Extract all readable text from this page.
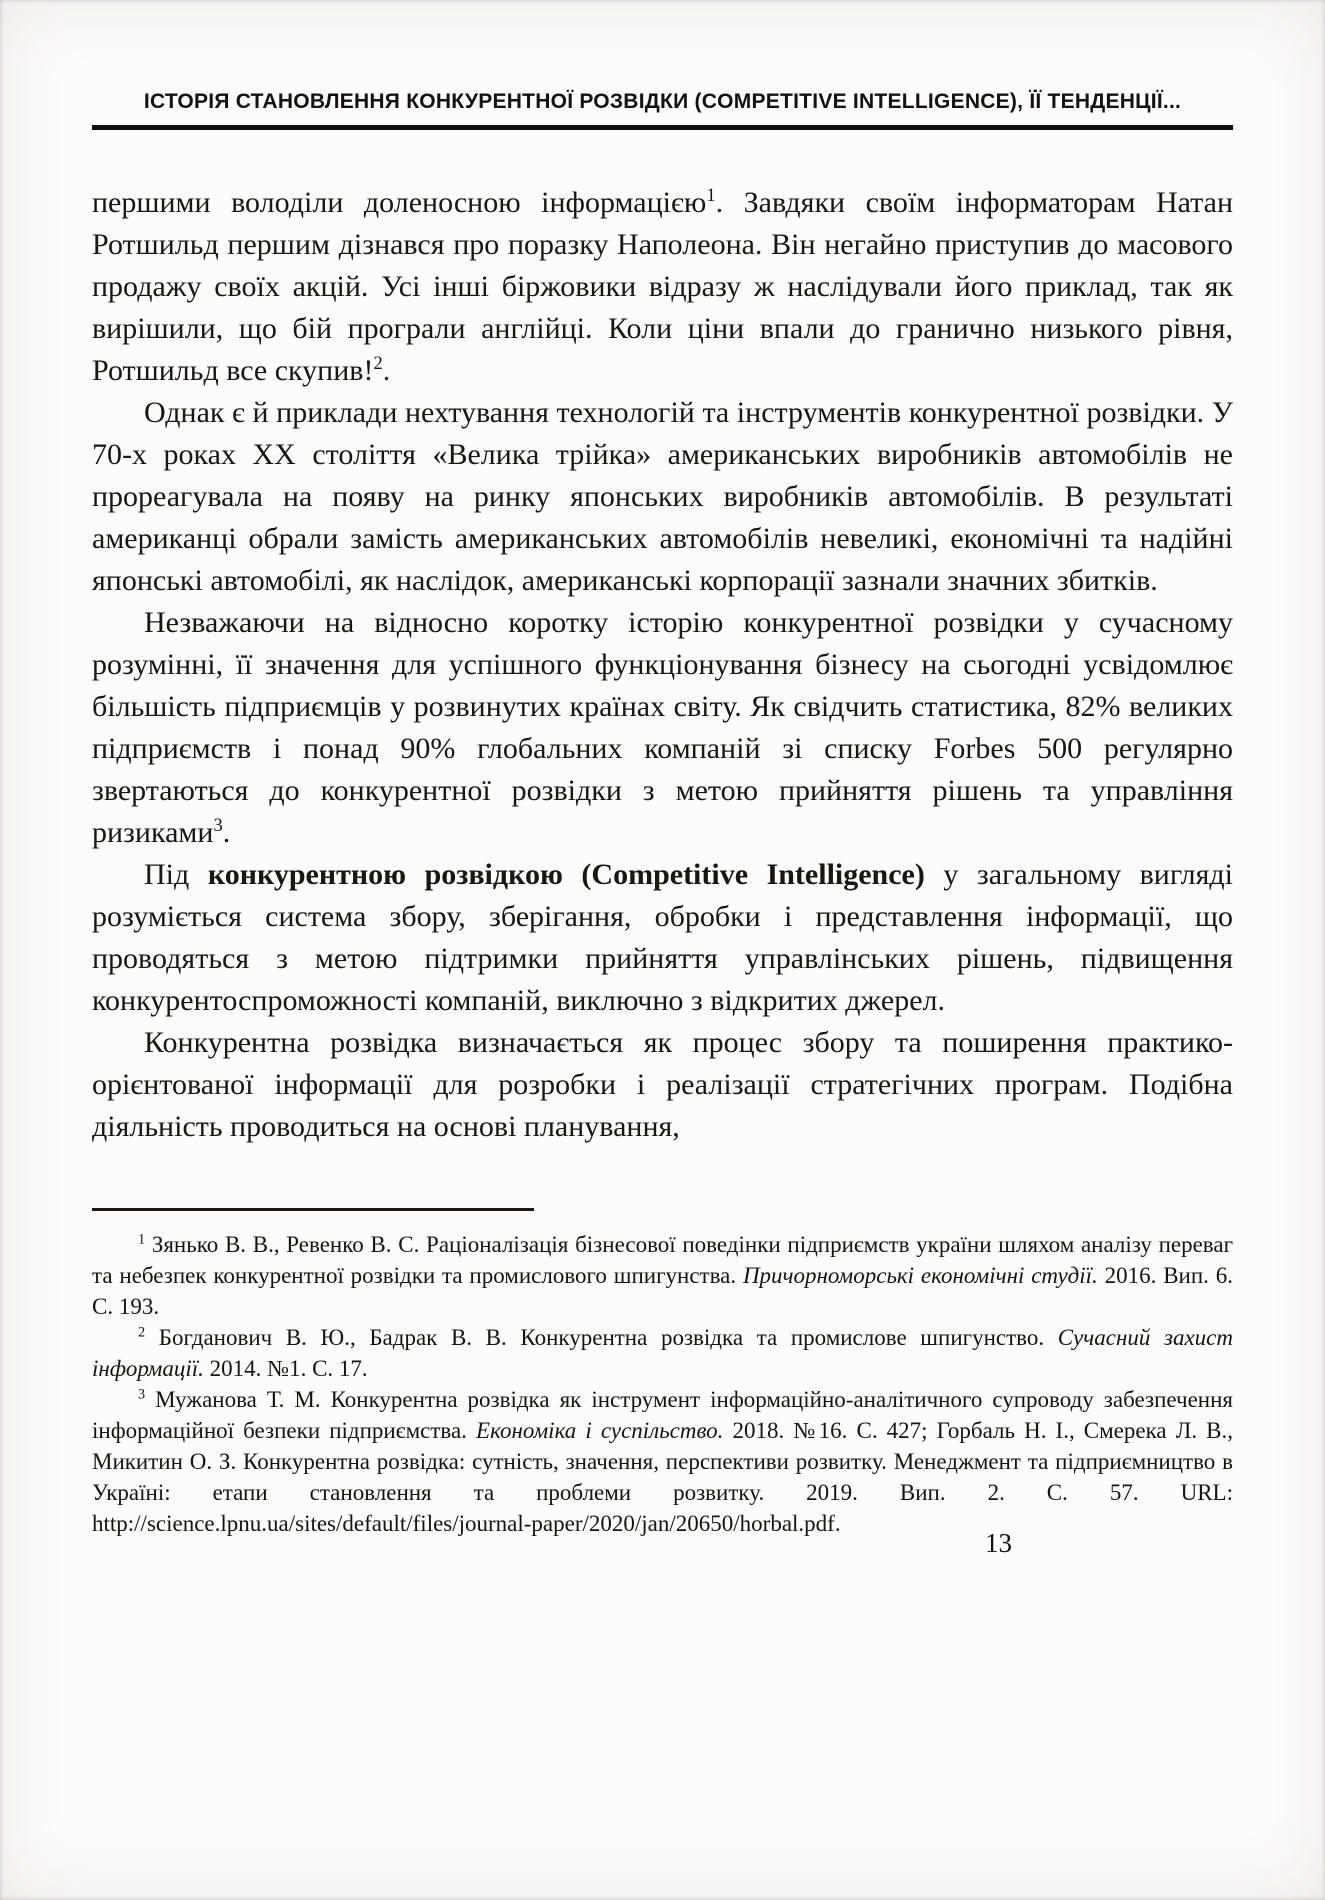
ІСТОРІЯ СТАНОВЛЕННЯ КОНКУРЕНТНОЇ РОЗВІДКИ (COMPETITIVE INTELLIGENCE), ЇЇ ТЕНДЕНЦІЇ...

першими володіли доленосною інформацією$^1$. Завдяки своїм інформаторам Натан Ротшильд першим дізнався про поразку Наполеона. Він негайно приступив до масового продажу своїх акцій. Усі інші біржовики відразу ж наслідували його приклад, так як вирішили, що бій програли англійці. Коли ціни впали до гранично низького рівня, Ротшильд все скупив!$^2$.

Однак є й приклади нехтування технологій та інструментів конкурентної розвідки. У 70-х роках XX століття «Велика трійка» американських виробників автомобілів не прореагувала на появу на ринку японських виробників автомобілів. В результаті американці обрали замість американських автомобілів невеликі, економічні та надійні японські автомобілі, як наслідок, американські корпорації зазнали значних збитків.

Незважаючи на відносно коротку історію конкурентної розвідки у сучасному розумінні, її значення для успішного функціонування бізнесу на сьогодні усвідомлює більшість підприємців у розвинутих країнах світу. Як свідчить статистика, 82% великих підприємств і понад 90% глобальних компаній зі списку Forbes 500 регулярно звертаються до конкурентної розвідки з метою прийняття рішень та управління ризиками$^3$.

Під конкурентною розвідкою (Competitive Intelligence) у загальному вигляді розуміється система збору, зберігання, обробки і представлення інформації, що проводяться з метою підтримки прийняття управлінських рішень, підвищення конкурентоспроможності компаній, виключно з відкритих джерел.

Конкурентна розвідка визначається як процес збору та поширення практико-орієнтованої інформації для розробки і реалізації стратегічних програм. Подібна діяльність проводиться на основі планування,

$^1$ Зянько В. В., Ревенко В. С. Раціоналізація бізнесової поведінки підприємств україни шляхом аналізу переваг та небезпек конкурентної розвідки та промислового шпигунства. Причорноморські економічні студії. 2016. Вип. 6. С. 193.

$^2$ Богданович В. Ю., Бадрак В. В. Конкурентна розвідка та промислове шпигунство. Сучасний захист інформації. 2014. №1. С. 17.

$^3$ Мужанова Т. М. Конкурентна розвідка як інструмент інформаційно-аналітичного супроводу забезпечення інформаційної безпеки підприємства. Економіка і суспільство. 2018. №16. С. 427; Горбаль Н. І., Смерека Л. В., Микитин О. З. Конкурентна розвідка: сутність, значення, перспективи розвитку. Менеджмент та підприємництво в Україні: етапи становлення та проблеми розвитку. 2019. Вип. 2. С. 57. URL: http://science.lpnu.ua/sites/default/files/journal-paper/2020/jan/20650/horbal.pdf.

13
